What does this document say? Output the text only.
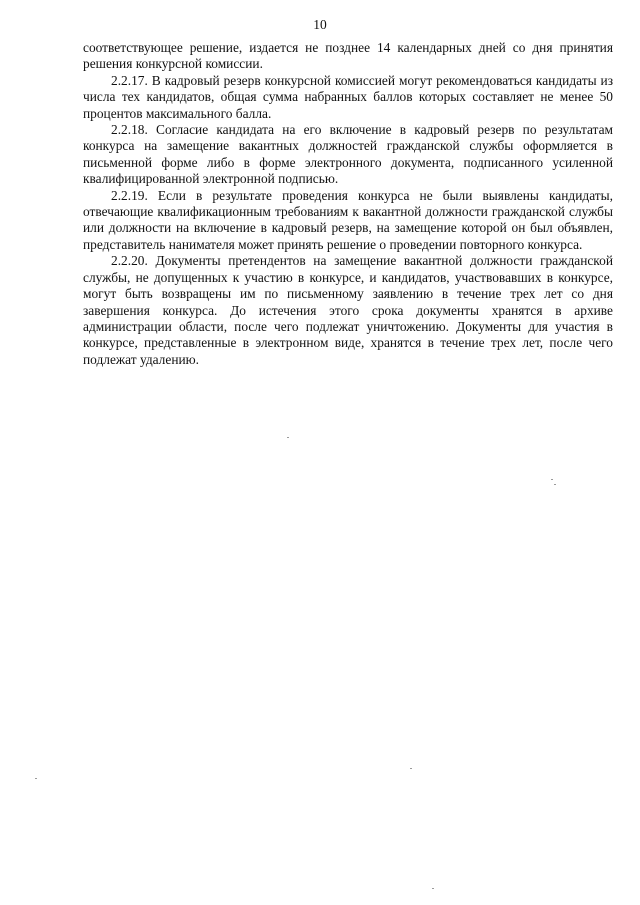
10

соответствующее решение, издается не позднее 14 календарных дней со дня принятия решения конкурсной комиссии.

2.2.17. В кадровый резерв конкурсной комиссией могут рекомендоваться кандидаты из числа тех кандидатов, общая сумма набранных баллов которых составляет не менее 50 процентов максимального балла.

2.2.18. Согласие кандидата на его включение в кадровый резерв по результатам конкурса на замещение вакантных должностей гражданской службы оформляется в письменной форме либо в форме электронного документа, подписанного усиленной квалифицированной электронной подписью.

2.2.19. Если в результате проведения конкурса не были выявлены кандидаты, отвечающие квалификационным требованиям к вакантной должности гражданской службы или должности на включение в кадровый резерв, на замещение которой он был объявлен, представитель нанимателя может принять решение о проведении повторного конкурса.

2.2.20. Документы претендентов на замещение вакантной должности гражданской службы, не допущенных к участию в конкурсе, и кандидатов, участвовавших в конкурсе, могут быть возвращены им по письменному заявлению в течение трех лет со дня завершения конкурса. До истечения этого срока документы хранятся в архиве администрации области, после чего подлежат уничтожению. Документы для участия в конкурсе, представленные в электронном виде, хранятся в течение трех лет, после чего подлежат удалению.
